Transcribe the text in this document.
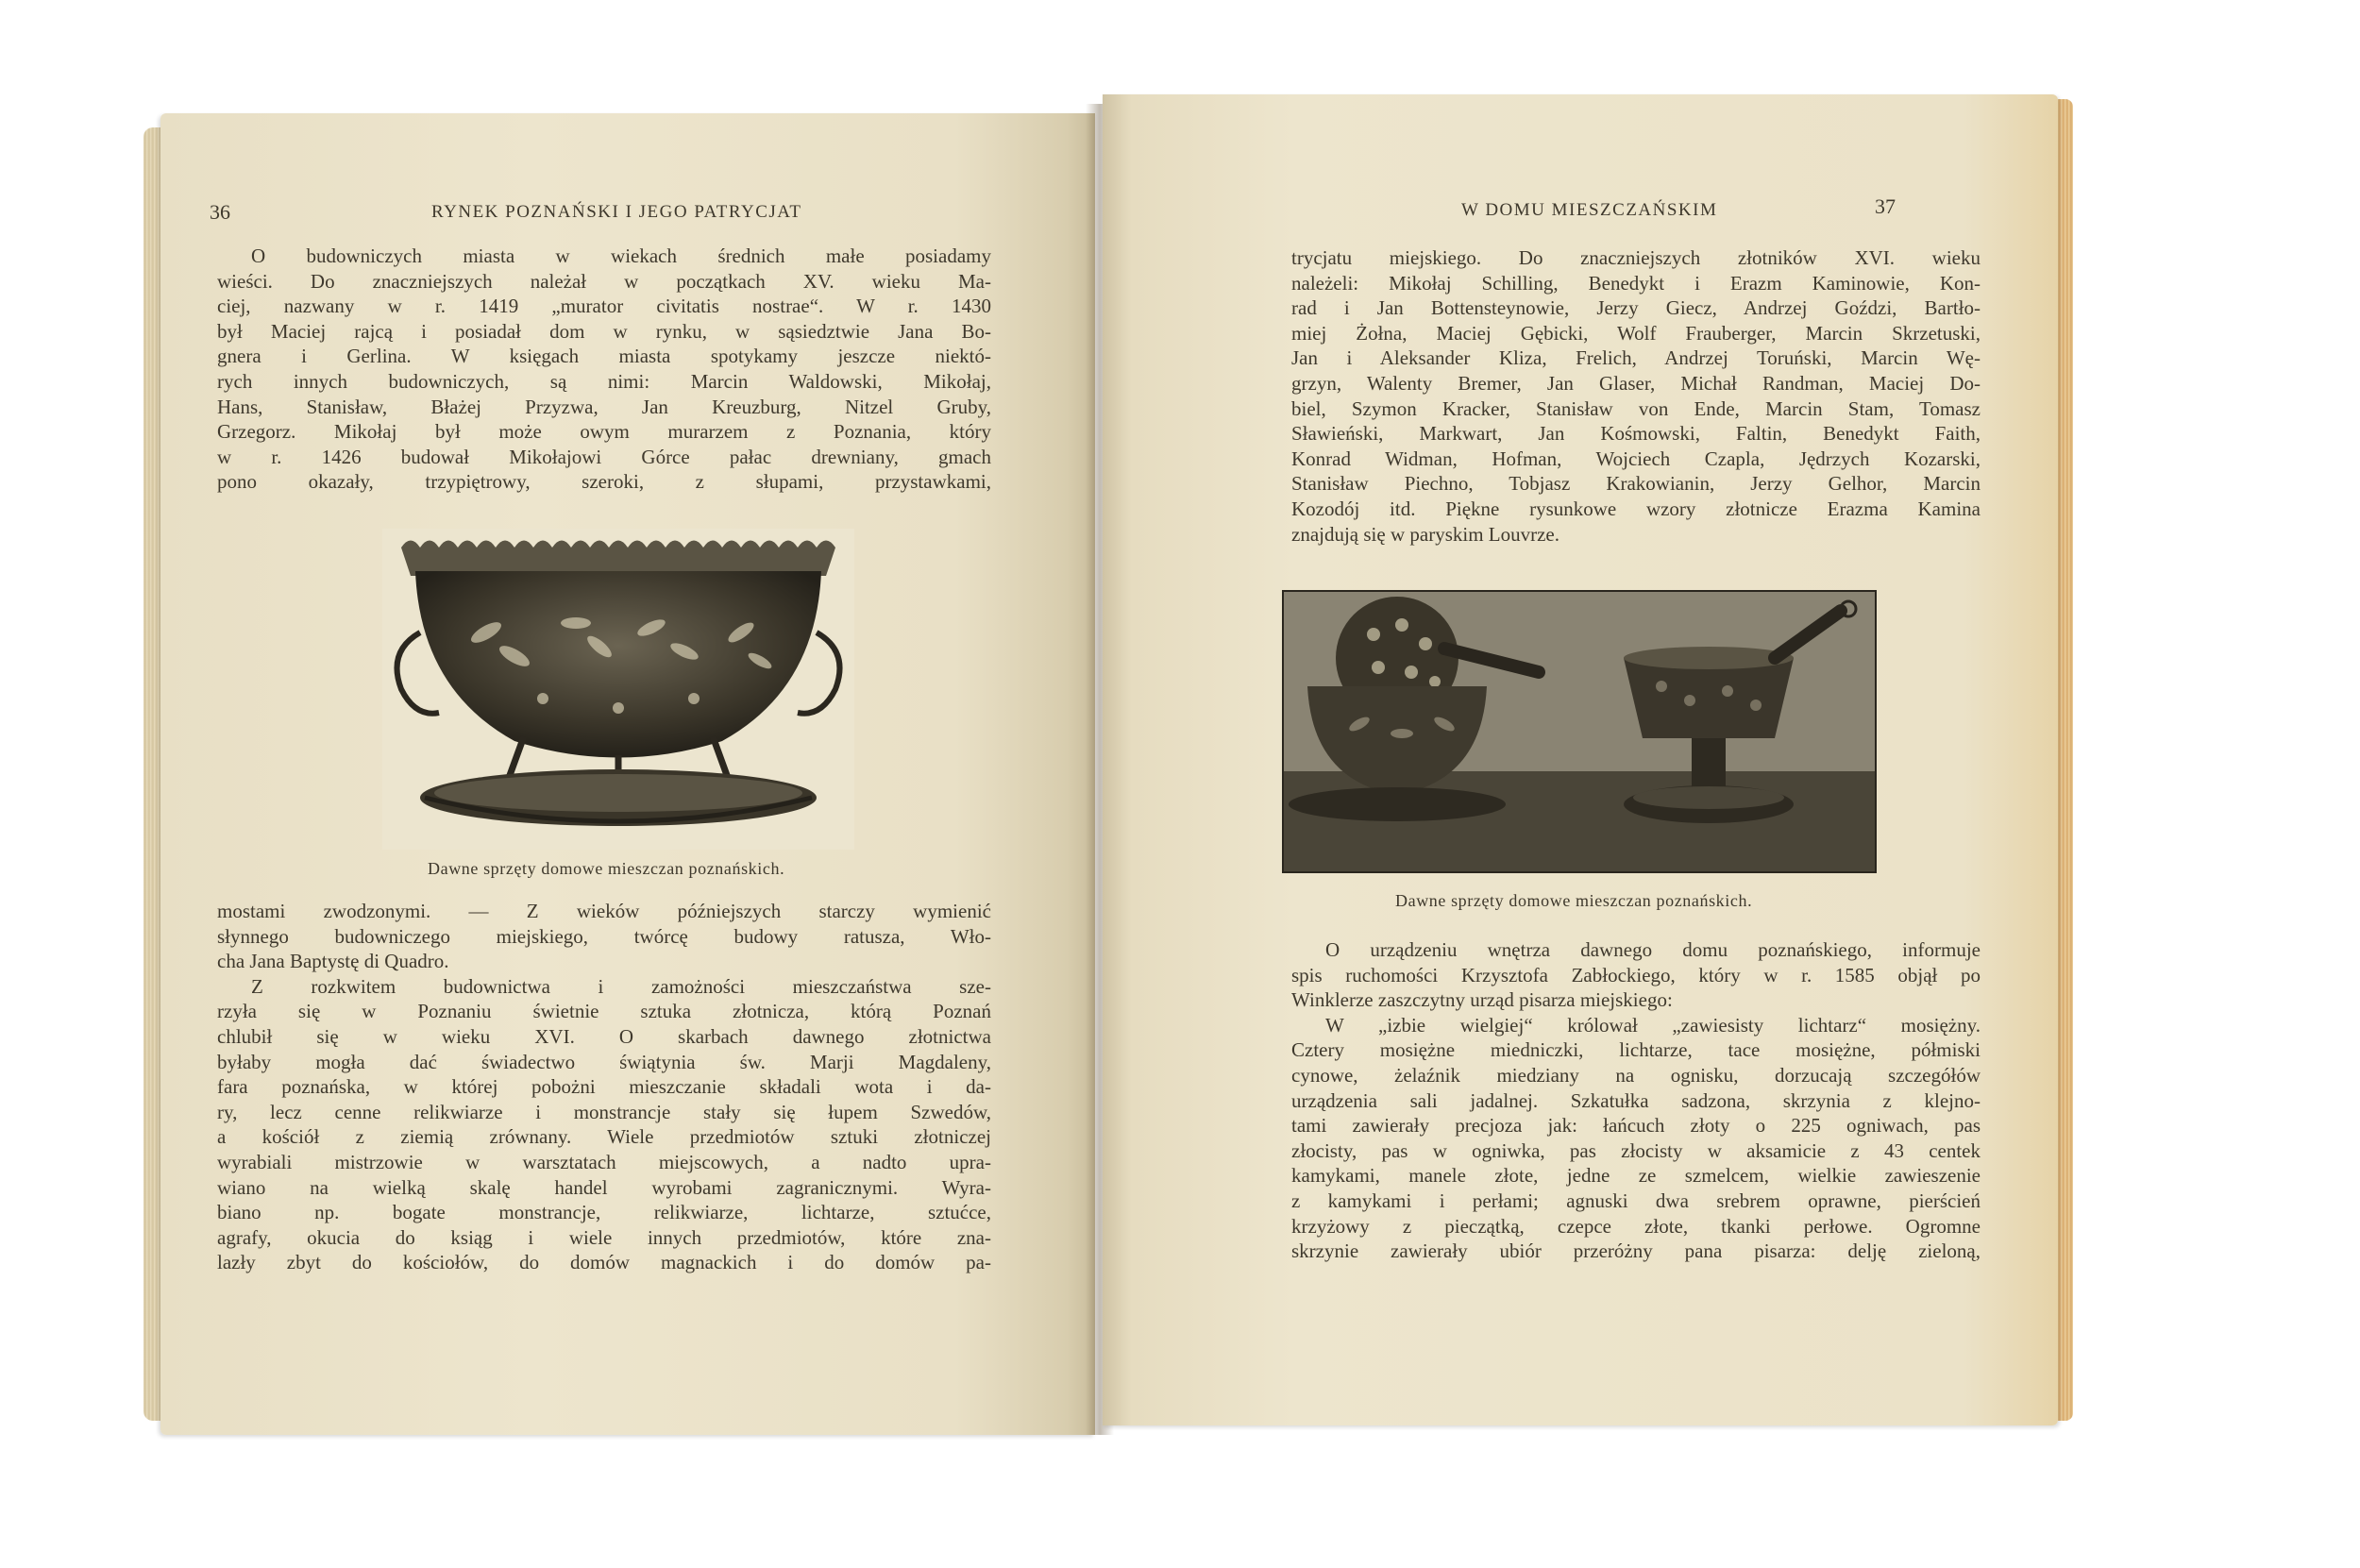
36	RYNEK POZNAŃSKI I JEGO PATRYCJAT
O budowniczych miasta w wiekach średnich małe posiadamy
wieści. Do znaczniejszych należał w początkach XV. wieku Ma-
ciej, nazwany w r. 1419 „murator civitatis nostrae“. W r. 1430
był Maciej rajcą i posiadał dom w rynku, w sąsiedztwie Jana Bo-
gnera i Gerlina. W księgach miasta spotykamy jeszcze niektó-
rych innych budowniczych, są nimi: Marcin Waldowski, Mikołaj,
Hans, Stanisław, Błażej Przyzwa, Jan Kreuzburg, Nitzel Gruby,
Grzegorz. Mikołaj był może owym murarzem z Poznania, który
w r. 1426 budował Mikołajowi Górce pałac drewniany, gmach
pono okazały, trzypiętrowy, szeroki, z słupami, przystawkami,
Dawne sprzęty domowe mieszczan poznańskich.
mostami zwodzonymi. — Z wieków późniejszych starczy wymienić
słynnego budowniczego miejskiego, twórcę budowy ratusza, Wło-
cha Jana Baptystę di Quadro.
Z rozkwitem budownictwa i zamożności mieszczaństwa sze-
rzyła się w Poznaniu świetnie sztuka złotnicza, którą Poznań
chlubił się w wieku XVI. O skarbach dawnego złotnictwa
byłaby mogła dać świadectwo świątynia św. Marji Magdaleny,
fara poznańska, w której pobożni mieszczanie składali wota i da-
ry, lecz cenne relikwiarze i monstrancje stały się łupem Szwedów,
a kościół z ziemią zrównany. Wiele przedmiotów sztuki złotniczej
wyrabiali mistrzowie w warsztatach miejscowych, a nadto upra-
wiano na wielką skalę handel wyrobami zagranicznymi. Wyra-
biano np. bogate monstrancje, relikwiarze, lichtarze, sztućce,
agrafy, okucia do ksiąg i wiele innych przedmiotów, które zna-
lazły zbyt do kościołów, do domów magnackich i do domów pa-
W DOMU MIESZCZAŃSKIM	37
trycjatu miejskiego. Do znaczniejszych złotników XVI. wieku
należeli: Mikołaj Schilling, Benedykt i Erazm Kaminowie, Kon-
rad i Jan Bottensteynowie, Jerzy Giecz, Andrzej Goździ, Bartło-
miej Żołna, Maciej Gębicki, Wolf Frauberger, Marcin Skrzetuski,
Jan i Aleksander Kliza, Frelich, Andrzej Toruński, Marcin Wę-
grzyn, Walenty Bremer, Jan Glaser, Michał Randman, Maciej Do-
biel, Szymon Kracker, Stanisław von Ende, Marcin Stam, Tomasz
Sławieński, Markwart, Jan Kośmowski, Faltin, Benedykt Faith,
Konrad Widman, Hofman, Wojciech Czapla, Jędrzych Kozarski,
Stanisław Piechno, Tobjasz Krakowianin, Jerzy Gelhor, Marcin
Kozodój itd. Piękne rysunkowe wzory złotnicze Erazma Kamina
znajdują się w paryskim Louvrze.
Dawne sprzęty domowe mieszczan poznańskich.
O urządzeniu wnętrza dawnego domu poznańskiego, informuje
spis ruchomości Krzysztofa Zabłockiego, który w r. 1585 objął po
Winklerze zaszczytny urząd pisarza miejskiego:
W „izbie wielgiej“ królował „zawiesisty lichtarz“ mosiężny.
Cztery mosiężne miedniczki, lichtarze, tace mosiężne, półmiski
cynowe, żelaźnik miedziany na ognisku, dorzucają szczegółów
urządzenia sali jadalnej. Szkatułka sadzona, skrzynia z klejno-
tami zawierały precjoza jak: łańcuch złoty o 225 ogniwach, pas
złocisty, pas w ogniwka, pas złocisty w aksamicie z 43 centek
kamykami, manele złote, jedne ze szmelcem, wielkie zawieszenie
z kamykami i perłami; agnuski dwa srebrem oprawne, pierścień
krzyżowy z pieczątką, czepce złote, tkanki perłowe. Ogromne
skrzynie zawierały ubiór przeróżny pana pisarza: delję zieloną,
